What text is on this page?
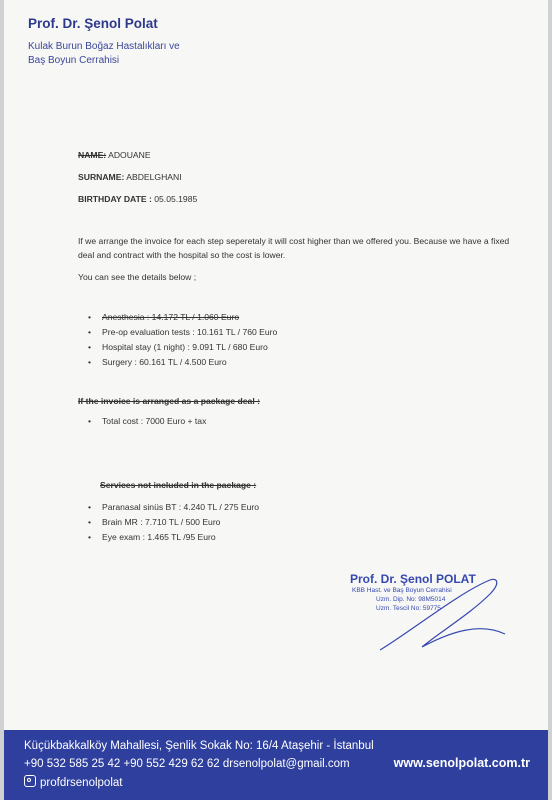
Prof. Dr. Şenol Polat
Kulak Burun Boğaz Hastalıkları ve
Baş Boyun Cerrahisi
NAME: ADOUANE
SURNAME: ABDELGHANI
BIRTHDAY DATE : 05.05.1985
If we arrange the invoice for each step seperetaly it will cost higher than we offered you. Because we have a fixed deal and contract with the hospital so the cost is lower.
You can see the details below ;
• Anesthesia : 14.172 TL / 1.060 Euro
• Pre-op evaluation tests : 10.161 TL / 760 Euro
• Hospital stay (1 night) : 9.091 TL / 680 Euro
• Surgery : 60.161 TL / 4.500 Euro
If the invoice is arranged as a package deal :
• Total cost : 7000 Euro + tax
Services not included in the package :
• Paranasal sinüs BT : 4.240 TL / 275 Euro
• Brain MR : 7.710 TL / 500 Euro
• Eye exam : 1.465 TL /95 Euro
Prof. Dr. Şenol POLAT
KBB Hast. ve Baş Boyun Cerrahisi
Uzm. Dip. No: 98M5014
Uzm. Tescil No: 59775
Küçükbakkalköy Mahallesi, Şenlik Sokak No: 16/4 Ataşehir - İstanbul
+90 532 585 25 42 +90 552 429 62 62 drsenolpolat@gmail.com	www.senolpolat.com.tr
profdrsenolpolat
